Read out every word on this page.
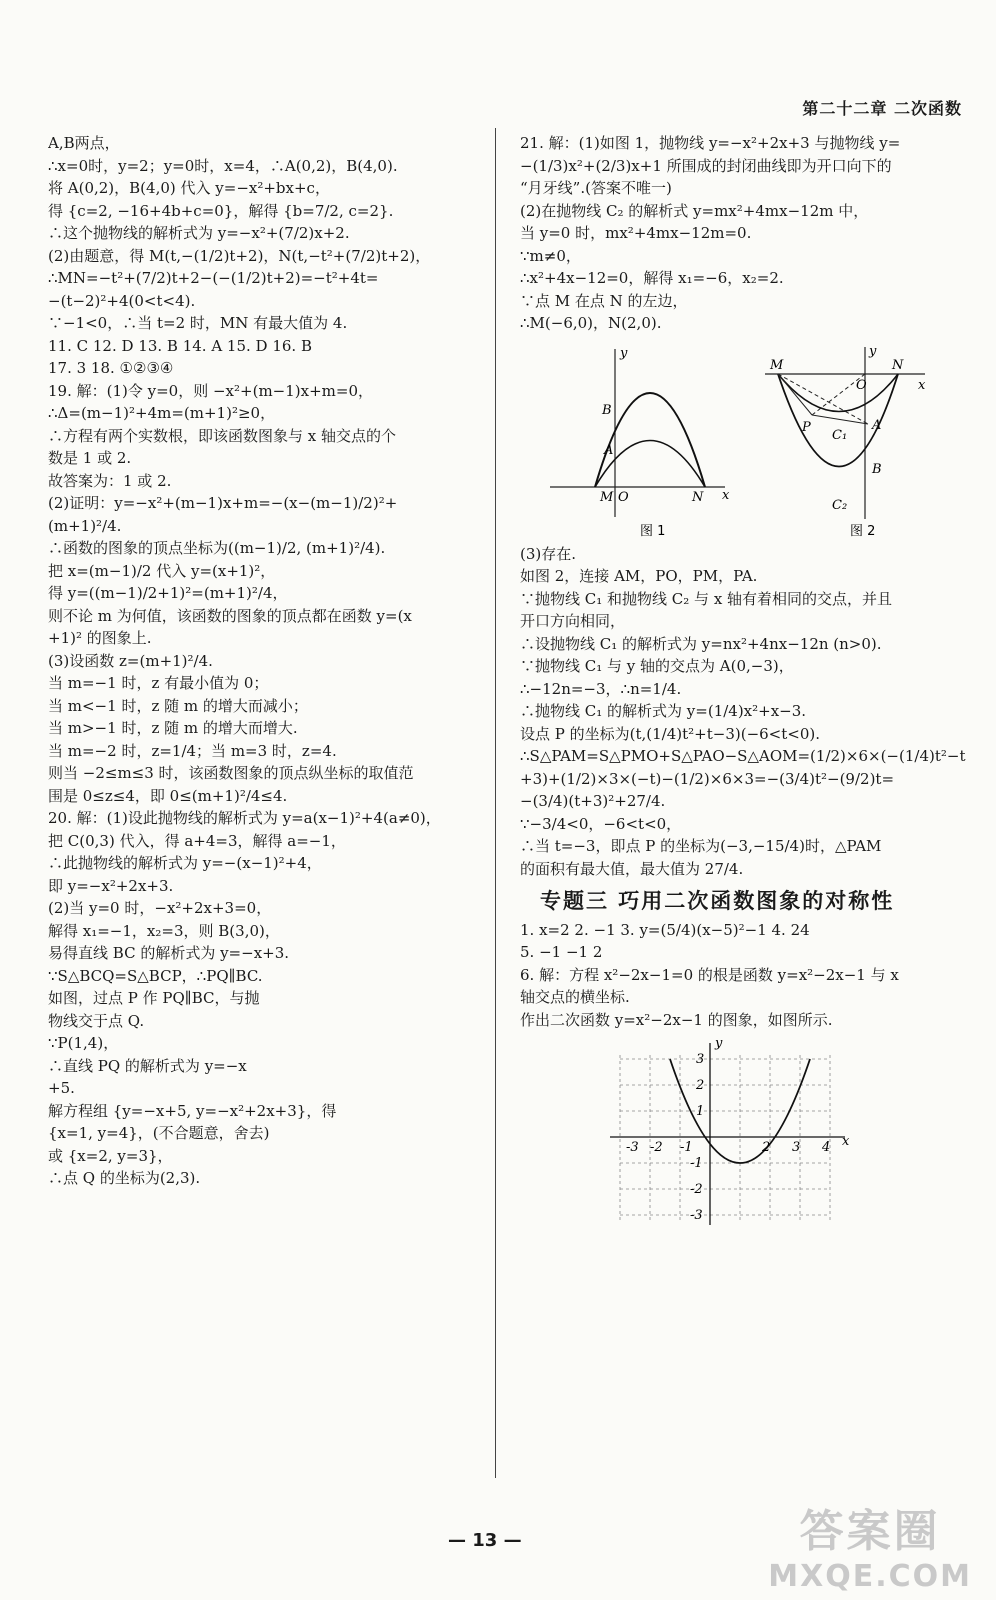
第二十二章 二次函数
A,B两点，
∴x=0时，y=2；y=0时，x=4，∴A(0,2)，B(4,0).
将 A(0,2)，B(4,0) 代入 y=−x²+bx+c，
得 {c=2, −16+4b+c=0}，解得 {b=7/2, c=2}.
∴这个抛物线的解析式为 y=−x²+(7/2)x+2.
(2)由题意，得 M(t,−(1/2)t+2)，N(t,−t²+(7/2)t+2)，
∴MN=−t²+(7/2)t+2−(−(1/2)t+2)=−t²+4t=
−(t−2)²+4(0<t<4).
∵−1<0，∴当 t=2 时，MN 有最大值为 4.
11. C 12. D 13. B 14. A 15. D 16. B
17. 3 18. ①②③④
19. 解：(1)令 y=0，则 −x²+(m−1)x+m=0，
∴Δ=(m−1)²+4m=(m+1)²≥0，
∴方程有两个实数根，即该函数图象与 x 轴交点的个
数是 1 或 2.
故答案为：1 或 2.
(2)证明：y=−x²+(m−1)x+m=−(x−(m−1)/2)²+
(m+1)²/4.
∴函数的图象的顶点坐标为((m−1)/2, (m+1)²/4).
把 x=(m−1)/2 代入 y=(x+1)²，
得 y=((m−1)/2+1)²=(m+1)²/4，
则不论 m 为何值，该函数的图象的顶点都在函数 y=(x
+1)² 的图象上.
(3)设函数 z=(m+1)²/4.
当 m=−1 时，z 有最小值为 0；
当 m<−1 时，z 随 m 的增大而减小；
当 m>−1 时，z 随 m 的增大而增大.
当 m=−2 时，z=1/4；当 m=3 时，z=4.
则当 −2≤m≤3 时，该函数图象的顶点纵坐标的取值范
围是 0≤z≤4，即 0≤(m+1)²/4≤4.
20. 解：(1)设此抛物线的解析式为 y=a(x−1)²+4(a≠0)，
把 C(0,3) 代入，得 a+4=3，解得 a=−1，
∴此抛物线的解析式为 y=−(x−1)²+4，
即 y=−x²+2x+3.
(2)当 y=0 时，−x²+2x+3=0，
解得 x₁=−1，x₂=3，则 B(3,0)，
易得直线 BC 的解析式为 y=−x+3.
∵S△BCQ=S△BCP，∴PQ∥BC.
如图，过点 P 作 PQ∥BC，与抛
物线交于点 Q.
∵P(1,4)，
∴直线 PQ 的解析式为 y=−x
+5.
解方程组 {y=−x+5, y=−x²+2x+3}，得
{x=1, y=4}，(不合题意，舍去)
或 {x=2, y=3}，
∴点 Q 的坐标为(2,3).
21. 解：(1)如图 1，抛物线 y=−x²+2x+3 与抛物线 y=
−(1/3)x²+(2/3)x+1 所围成的封闭曲线即为开口向下的
“月牙线”.(答案不唯一)
(2)在抛物线 C₂ 的解析式 y=mx²+4mx−12m 中，
当 y=0 时，mx²+4mx−12m=0.
∵m≠0，
∴x²+4x−12=0，解得 x₁=−6，x₂=2.
∵点 M 在点 N 的左边，
∴M(−6,0)，N(2,0).
M O	N x
y
B
A
图 1
M
O
N
x
y
P	A
B
C₁
C₂
图 2
(3)存在.
如图 2，连接 AM，PO，PM，PA.
∵抛物线 C₁ 和抛物线 C₂ 与 x 轴有着相同的交点，并且
开口方向相同，
∴设抛物线 C₁ 的解析式为 y=nx²+4nx−12n (n>0).
∵抛物线 C₁ 与 y 轴的交点为 A(0,−3)，
∴−12n=−3，∴n=1/4.
∴抛物线 C₁ 的解析式为 y=(1/4)x²+x−3.
设点 P 的坐标为(t,(1/4)t²+t−3)(−6<t<0).
∴S△PAM=S△PMO+S△PAO−S△AOM=(1/2)×6×(−(1/4)t²−t
+3)+(1/2)×3×(−t)−(1/2)×6×3=−(3/4)t²−(9/2)t=
−(3/4)(t+3)²+27/4.
∵−3/4<0，−6<t<0，
∴当 t=−3，即点 P 的坐标为(−3,−15/4)时，△PAM
的面积有最大值，最大值为 27/4.
专题三 巧用二次函数图象的对称性
1. x=2 2. −1 3. y=(5/4)(x−5)²−1 4. 24
5. −1 −1 2
6. 解：方程 x²−2x−1=0 的根是函数 y=x²−2x−1 与 x
轴交点的横坐标.
作出二次函数 y=x²−2x−1 的图象，如图所示.
y
x
-3 -2 -1	2 3 4
3
2
1
-1
-2
-3
— 13 —	答案圈
MXQE.COM
